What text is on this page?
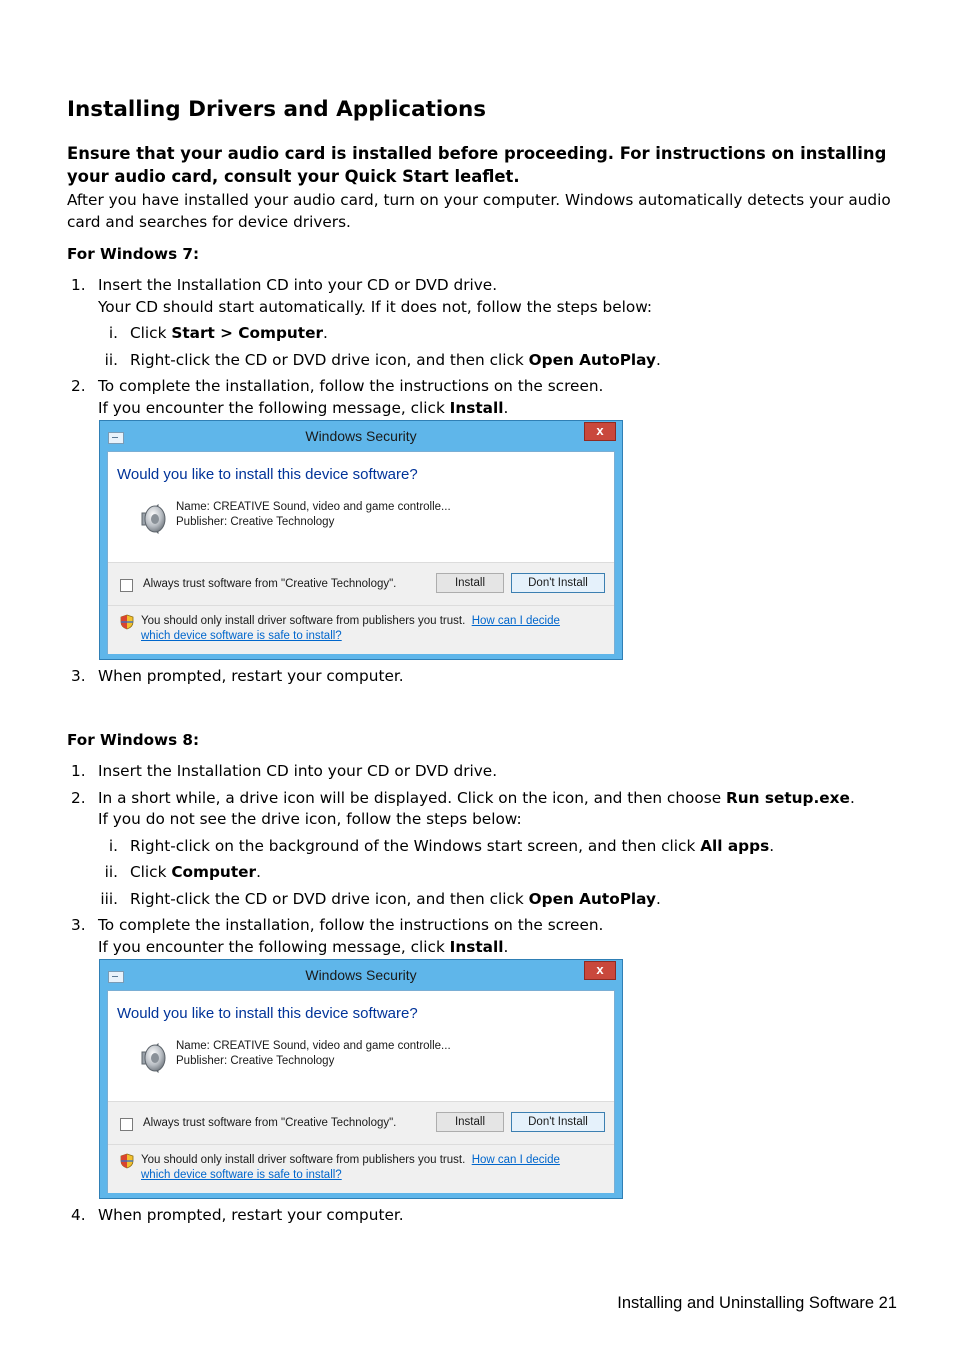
Installing Drivers and Applications

Ensure that your audio card is installed before proceeding. For instructions on installing your audio card, consult your Quick Start leaflet.

After you have installed your audio card, turn on your computer. Windows automatically detects your audio card and searches for device drivers.

For Windows 7:
1. Insert the Installation CD into your CD or DVD drive.

Your CD should start automatically. If it does not, follow the steps below:

i. Click Start > Computer.

ii. Right-click the CD or DVD drive icon, and then click Open AutoPlay.

2. To complete the installation, follow the instructions on the screen.

If you encounter the following message, click Install.

Windows Security	x
Would you like to install this device software?
Name: CREATIVE Sound, video and game controlle...
Publisher: Creative Technology
Always trust software from "Creative Technology".	Install	Don't Install
You should only install driver software from publishers you trust. How can I decide
which device software is safe to install?
3. When prompted, restart your computer.

For Windows 8:
1. Insert the Installation CD into your CD or DVD drive.

2. In a short while, a drive icon will be displayed. Click on the icon, and then choose Run setup.exe.

If you do not see the drive icon, follow the steps below:

i. Right-click on the background of the Windows start screen, and then click All apps.

ii. Click Computer.

iii. Right-click the CD or DVD drive icon, and then click Open AutoPlay.

3. To complete the installation, follow the instructions on the screen.

If you encounter the following message, click Install.

Windows Security	x
Would you like to install this device software?
Name: CREATIVE Sound, video and game controlle...
Publisher: Creative Technology
Always trust software from "Creative Technology".	Install	Don't Install
You should only install driver software from publishers you trust. How can I decide
which device software is safe to install?
4. When prompted, restart your computer.

Installing and Uninstalling Software 21
